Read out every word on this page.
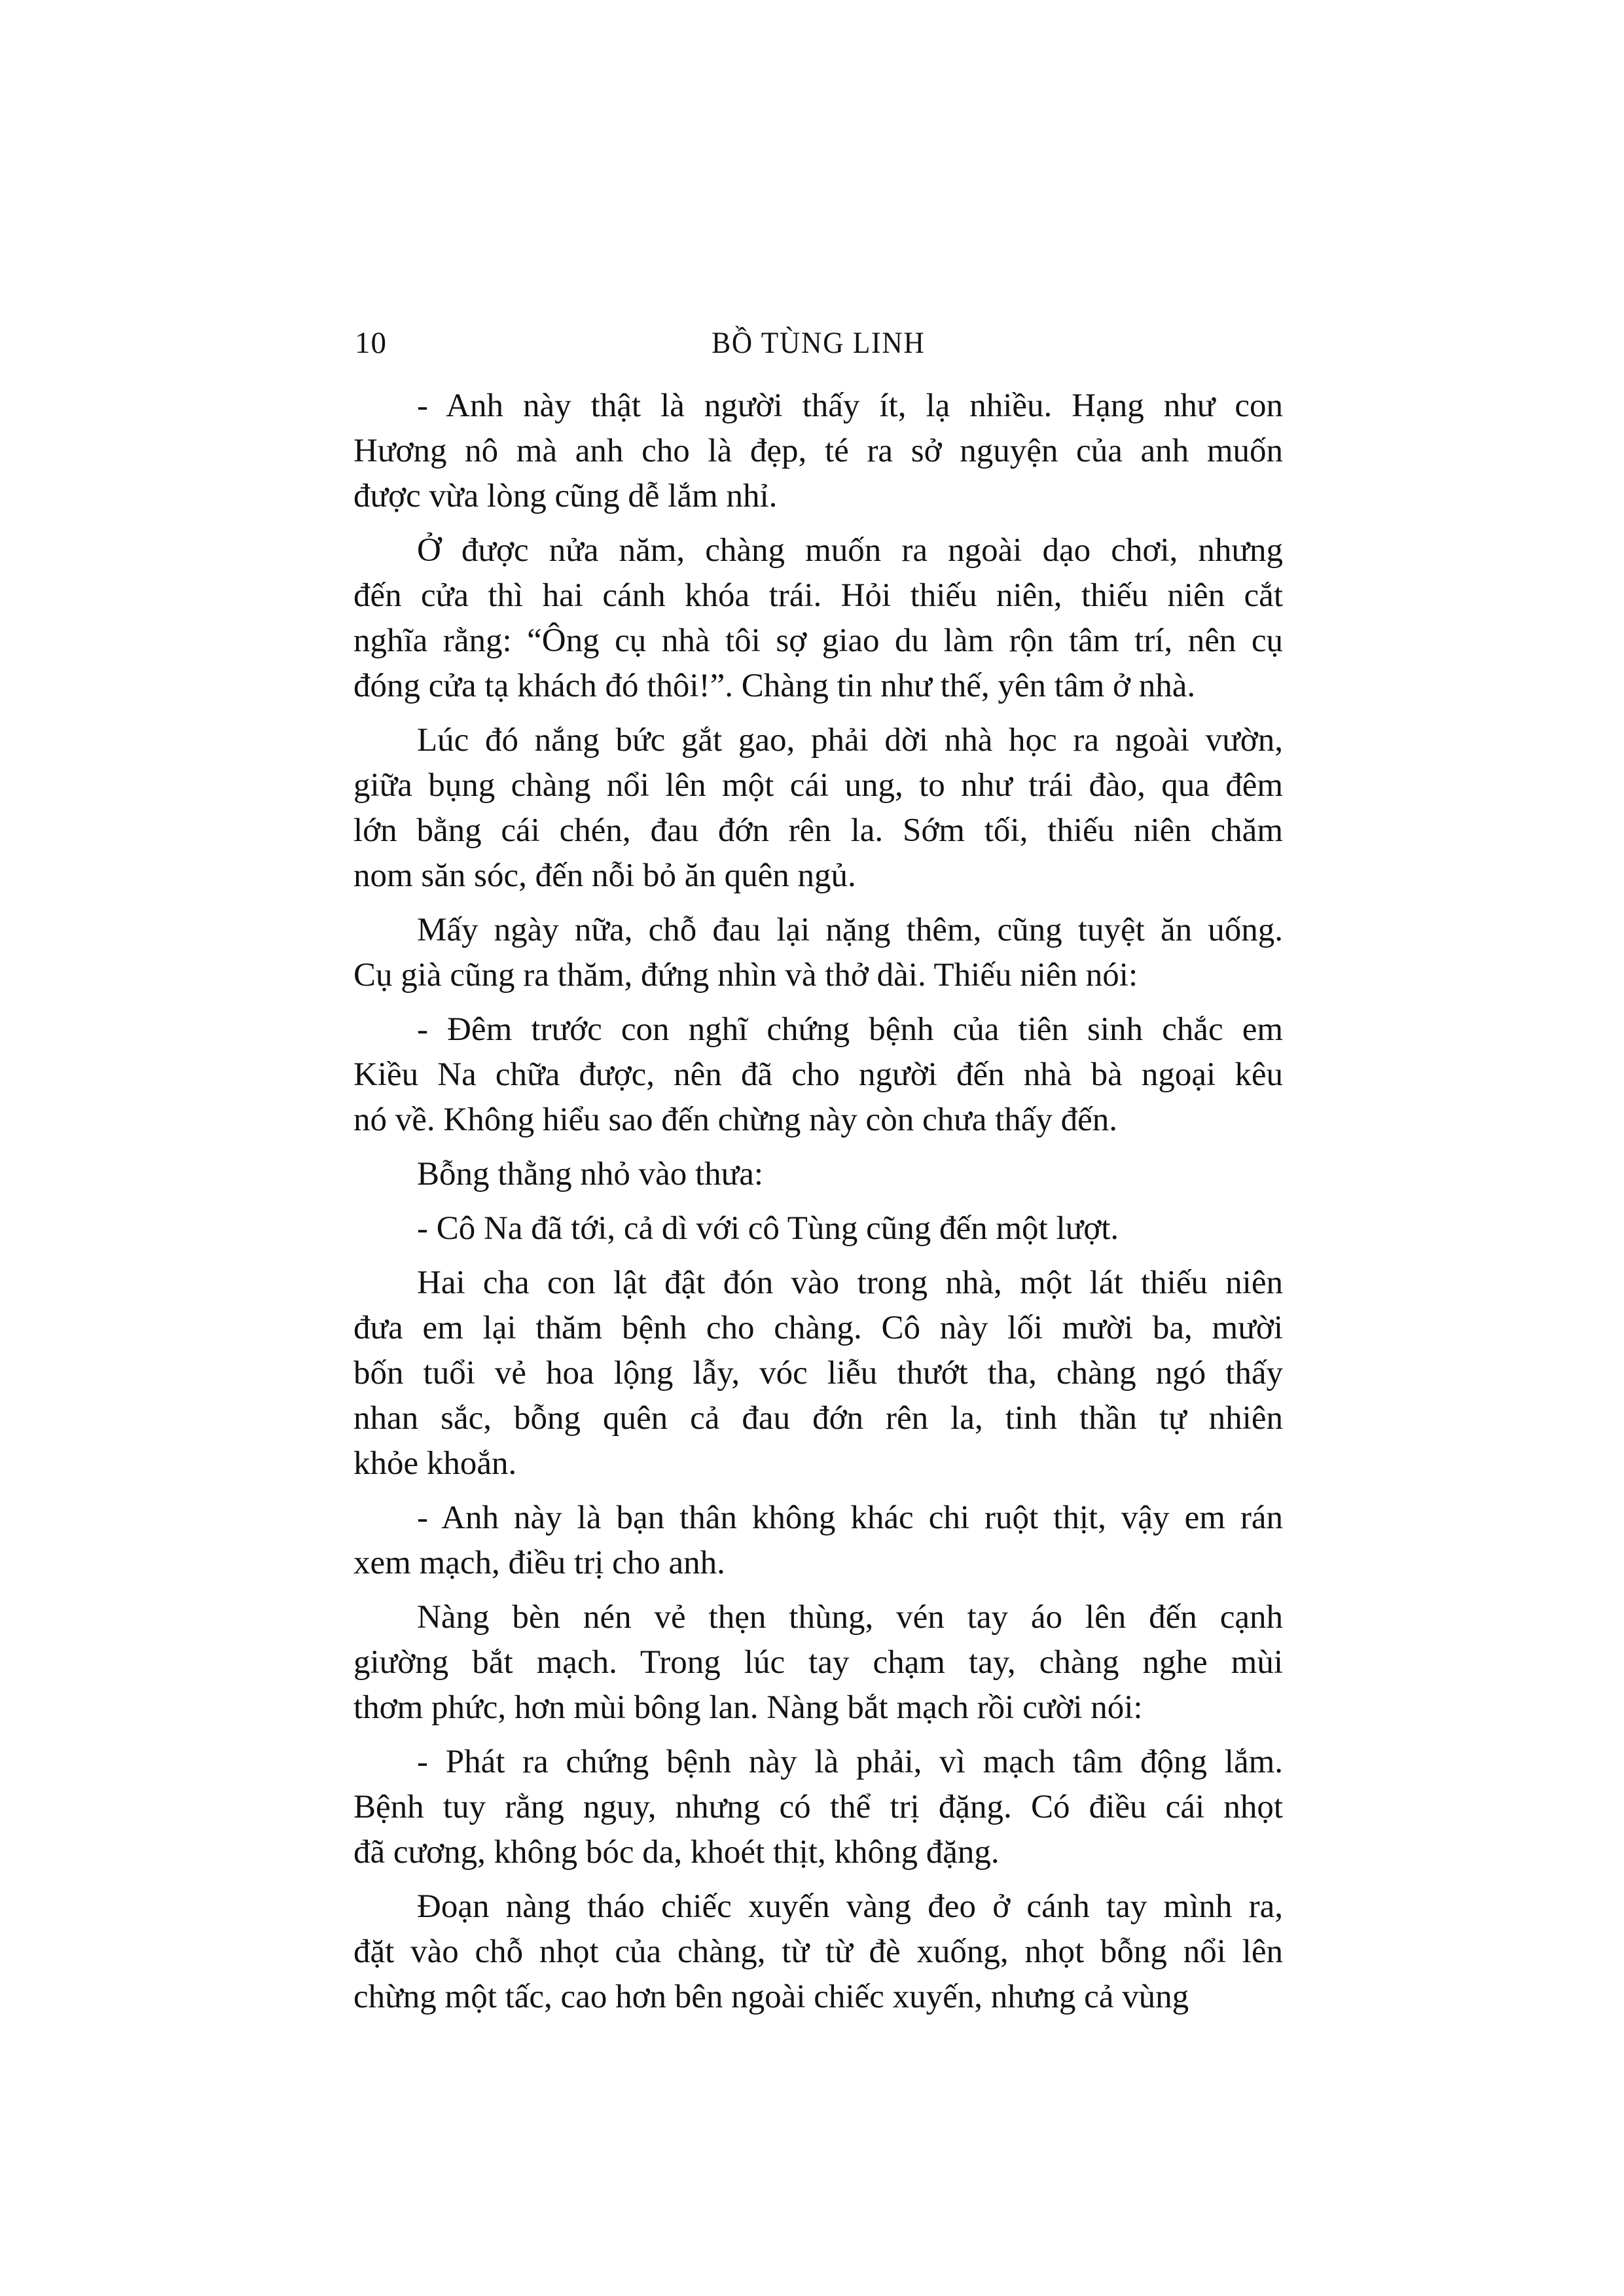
10	BỒ TÙNG LINH
- Anh này thật là người thấy ít, lạ nhiều. Hạng như con
Hương nô mà anh cho là đẹp, té ra sở nguyện của anh muốn
được vừa lòng cũng dễ lắm nhỉ.
Ở được nửa năm, chàng muốn ra ngoài dạo chơi, nhưng
đến cửa thì hai cánh khóa trái. Hỏi thiếu niên, thiếu niên cắt
nghĩa rằng: “Ông cụ nhà tôi sợ giao du làm rộn tâm trí, nên cụ
đóng cửa tạ khách đó thôi!”. Chàng tin như thế, yên tâm ở nhà.
Lúc đó nắng bức gắt gao, phải dời nhà học ra ngoài vườn,
giữa bụng chàng nổi lên một cái ung, to như trái đào, qua đêm
lớn bằng cái chén, đau đớn rên la. Sớm tối, thiếu niên chăm
nom săn sóc, đến nỗi bỏ ăn quên ngủ.
Mấy ngày nữa, chỗ đau lại nặng thêm, cũng tuyệt ăn uống.
Cụ già cũng ra thăm, đứng nhìn và thở dài. Thiếu niên nói:
- Đêm trước con nghĩ chứng bệnh của tiên sinh chắc em
Kiều Na chữa được, nên đã cho người đến nhà bà ngoại kêu
nó về. Không hiểu sao đến chừng này còn chưa thấy đến.
Bỗng thằng nhỏ vào thưa:
- Cô Na đã tới, cả dì với cô Tùng cũng đến một lượt.
Hai cha con lật đật đón vào trong nhà, một lát thiếu niên
đưa em lại thăm bệnh cho chàng. Cô này lối mười ba, mười
bốn tuổi vẻ hoa lộng lẫy, vóc liễu thướt tha, chàng ngó thấy
nhan sắc, bỗng quên cả đau đớn rên la, tinh thần tự nhiên
khỏe khoắn.
- Anh này là bạn thân không khác chi ruột thịt, vậy em rán
xem mạch, điều trị cho anh.
Nàng bèn nén vẻ thẹn thùng, vén tay áo lên đến cạnh
giường bắt mạch. Trong lúc tay chạm tay, chàng nghe mùi
thơm phức, hơn mùi bông lan. Nàng bắt mạch rồi cười nói:
- Phát ra chứng bệnh này là phải, vì mạch tâm động lắm.
Bệnh tuy rằng nguy, nhưng có thể trị đặng. Có điều cái nhọt
đã cương, không bóc da, khoét thịt, không đặng.
Đoạn nàng tháo chiếc xuyến vàng đeo ở cánh tay mình ra,
đặt vào chỗ nhọt của chàng, từ từ đè xuống, nhọt bỗng nổi lên
chừng một tấc, cao hơn bên ngoài chiếc xuyến, nhưng cả vùng
